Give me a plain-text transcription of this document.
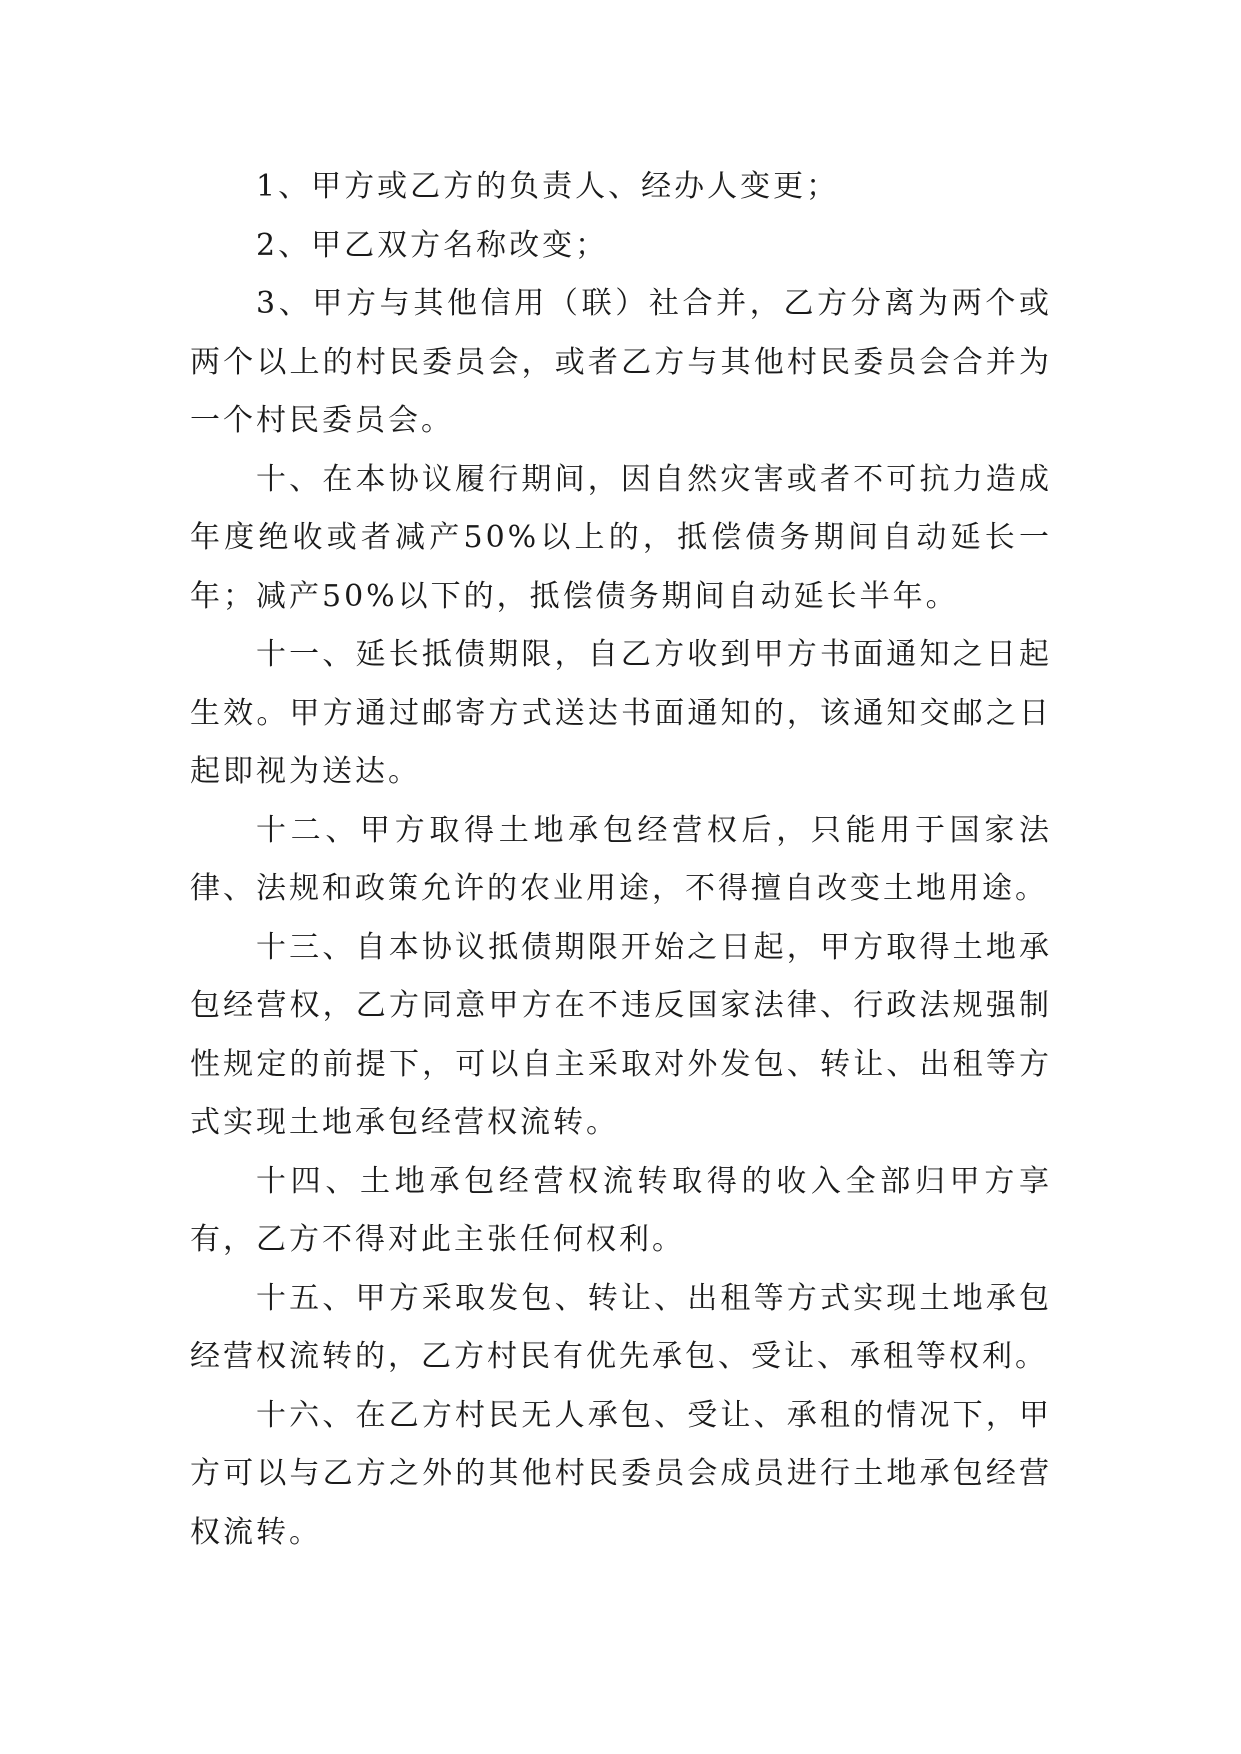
1、甲方或乙方的负责人、经办人变更；

2、甲乙双方名称改变；

3、甲方与其他信用（联）社合并，乙方分离为两个或两个以上的村民委员会，或者乙方与其他村民委员会合并为一个村民委员会。

十、在本协议履行期间，因自然灾害或者不可抗力造成年度绝收或者减产50%以上的，抵偿债务期间自动延长一年；减产50%以下的，抵偿债务期间自动延长半年。

十一、延长抵债期限，自乙方收到甲方书面通知之日起生效。甲方通过邮寄方式送达书面通知的，该通知交邮之日起即视为送达。

十二、甲方取得土地承包经营权后，只能用于国家法律、法规和政策允许的农业用途，不得擅自改变土地用途。

十三、自本协议抵债期限开始之日起，甲方取得土地承包经营权，乙方同意甲方在不违反国家法律、行政法规强制性规定的前提下，可以自主采取对外发包、转让、出租等方式实现土地承包经营权流转。

十四、土地承包经营权流转取得的收入全部归甲方享有，乙方不得对此主张任何权利。

十五、甲方采取发包、转让、出租等方式实现土地承包经营权流转的，乙方村民有优先承包、受让、承租等权利。

十六、在乙方村民无人承包、受让、承租的情况下，甲方可以与乙方之外的其他村民委员会成员进行土地承包经营权流转。
